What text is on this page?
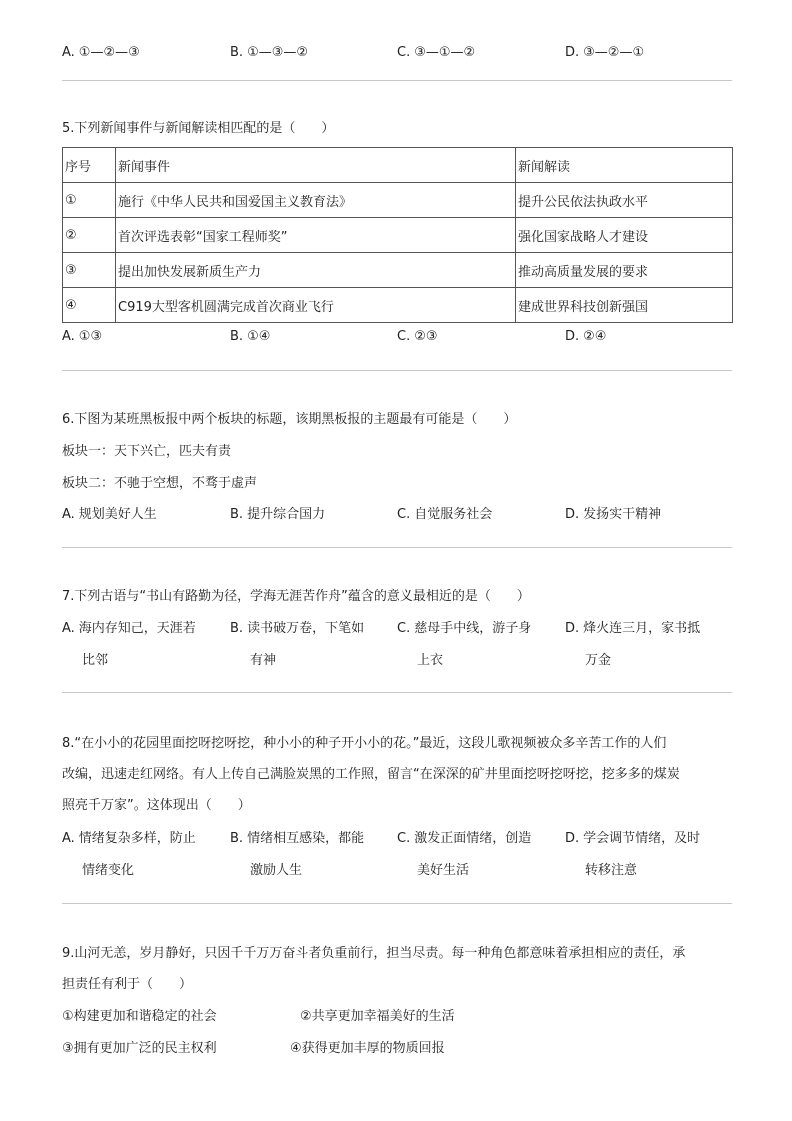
A. ①—②—③	B. ①—③—②	C. ③—①—②	D. ③—②—①
5.下列新闻事件与新闻解读相匹配的是（　　）
序号	新闻事件	新闻解读
①	施行《中华人民共和国爱国主义教育法》	提升公民依法执政水平
②	首次评选表彰“国家工程师奖”	强化国家战略人才建设
③	提出加快发展新质生产力	推动高质量发展的要求
④	C919大型客机圆满完成首次商业飞行	建成世界科技创新强国
A. ①③	B. ①④	C. ②③	D. ②④
6.下图为某班黑板报中两个板块的标题，该期黑板报的主题最有可能是（　　）
板块一：天下兴亡，匹夫有责
板块二：不驰于空想，不骛于虚声
A. 规划美好人生	B. 提升综合国力	C. 自觉服务社会	D. 发扬实干精神
7.下列古语与“书山有路勤为径，学海无涯苦作舟”蕴含的意义最相近的是（　　）
A. 海内存知己，天涯若
比邻
B. 读书破万卷，下笔如
有神
C. 慈母手中线，游子身
上衣
D. 烽火连三月，家书抵
万金
8.“在小小的花园里面挖呀挖呀挖，种小小的种子开小小的花。”最近，这段儿歌视频被众多辛苦工作的人们
改编，迅速走红网络。有人上传自己满脸炭黑的工作照，留言“在深深的矿井里面挖呀挖呀挖，挖多多的煤炭
照亮千万家”。这体现出（　　）
A. 情绪复杂多样，防止
情绪变化
B. 情绪相互感染，都能
激励人生
C. 激发正面情绪，创造
美好生活
D. 学会调节情绪，及时
转移注意
9.山河无恙，岁月静好，只因千千万万奋斗者负重前行，担当尽责。每一种角色都意味着承担相应的责任，承
担责任有利于（　　）
①构建更加和谐稳定的社会	②共享更加幸福美好的生活
③拥有更加广泛的民主权利	④获得更加丰厚的物质回报
